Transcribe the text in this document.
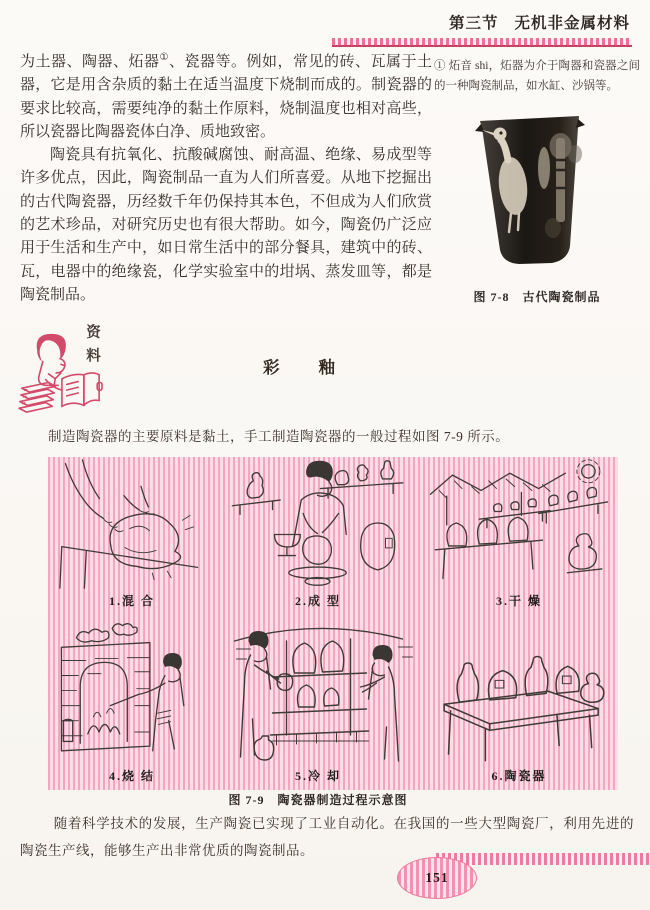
第三节 无机非金属材料

为土器、陶器、炻器①、瓷器等。例如，常见的砖、瓦属于土器，它是用含杂质的黏土在适当温度下烧制而成的。制瓷器的要求比较高，需要纯净的黏土作原料，烧制温度也相对高些，所以瓷器比陶器瓷体白净、质地致密。

陶瓷具有抗氧化、抗酸碱腐蚀、耐高温、绝缘、易成型等许多优点，因此，陶瓷制品一直为人们所喜爱。从地下挖掘出的古代陶瓷器，历经数千年仍保持其本色，不但成为人们欣赏的艺术珍品，对研究历史也有很大帮助。如今，陶瓷仍广泛应用于生活和生产中，如日常生活中的部分餐具，建筑中的砖、瓦，电器中的绝缘瓷，化学实验室中的坩埚、蒸发皿等，都是陶瓷制品。

① 炻音 shi，炻器为介于陶器和瓷器之间的一种陶瓷制品，如水缸、沙锅等。

图 7-8　古代陶瓷制品
资料	彩　　釉

制造陶瓷器的主要原料是黏土，手工制造陶瓷器的一般过程如图 7-9 所示。

1.混 合	2.成 型	3.干 燥
4.烧 结	5.冷 却	6.陶瓷器
图 7-9　陶瓷器制造过程示意图

随着科学技术的发展，生产陶瓷已实现了工业自动化。在我国的一些大型陶瓷厂，利用先进的陶瓷生产线，能够生产出非常优质的陶瓷制品。

151
